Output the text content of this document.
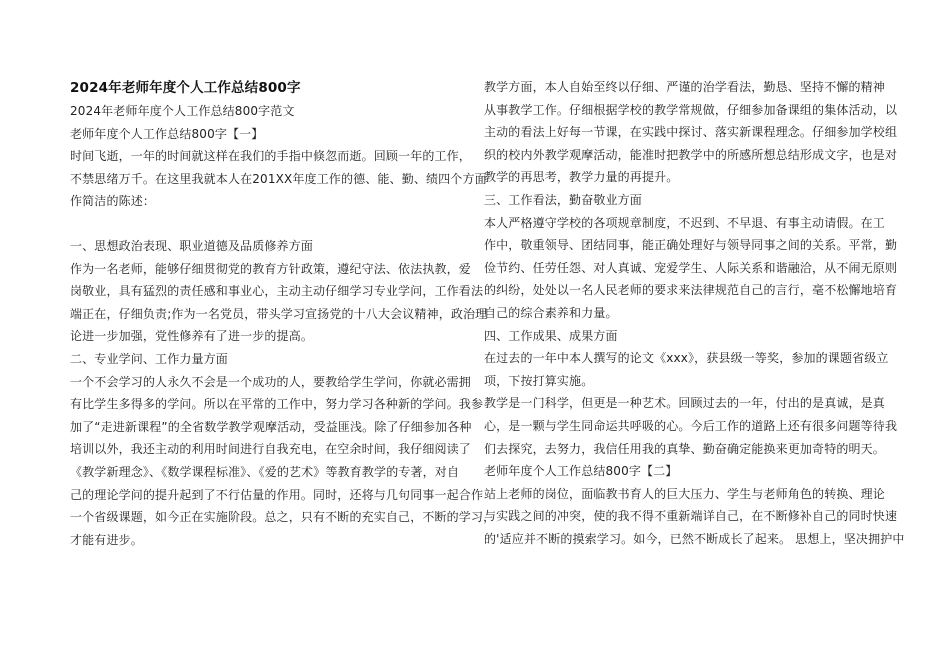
2024年老师年度个人工作总结800字

2024年老师年度个人工作总结800字范文

老师年度个人工作总结800字【一】

时间飞逝，一年的时间就这样在我们的手指中倏忽而逝。回顾一年的工作，

不禁思绪万千。在这里我就本人在201XX年度工作的德、能、勤、绩四个方面

作简洁的陈述：

一、思想政治表现、职业道德及品质修养方面

作为一名老师，能够仔细贯彻党的教育方针政策，遵纪守法、依法执教，爱

岗敬业，具有猛烈的责任感和事业心，主动主动仔细学习专业学问，工作看法

端正在，仔细负责;作为一名党员，带头学习宣扬党的十八大会议精神，政治理

论进一步加强，党性修养有了进一步的提高。

二、专业学问、工作力量方面

一个不会学习的人永久不会是一个成功的人，要教给学生学问，你就必需拥

有比学生多得多的学问。所以在平常的工作中，努力学习各种新的学问。我参

加了“走进新课程”的全省数学教学观摩活动，受益匪浅。除了仔细参加各种

培训以外，我还主动的利用时间进行自我充电，在空余时间，我仔细阅读了

《教学新理念》、《数学课程标准》、《爱的艺术》等教育教学的专著，对自

己的理论学问的提升起到了不行估量的作用。同时，还将与几句同事一起合作

一个省级课题，如今正在实施阶段。总之，只有不断的充实自己，不断的学习，

才能有进步。

教学方面，本人自始至终以仔细、严谨的治学看法，勤恳、坚持不懈的精神

从事教学工作。仔细根据学校的教学常规做，仔细参加备课组的集体活动，以

主动的看法上好每一节课，在实践中探讨、落实新课程理念。仔细参加学校组

织的校内外教学观摩活动，能准时把教学中的所感所想总结形成文字，也是对

教学的再思考，教学力量的再提升。

三、工作看法，勤奋敬业方面

本人严格遵守学校的各项规章制度，不迟到、不早退、有事主动请假。在工

作中，敬重领导、团结同事，能正确处理好与领导同事之间的关系。平常，勤

俭节约、任劳任怨、对人真诚、宠爱学生、人际关系和谐融洽，从不闹无原则

的纠纷，处处以一名人民老师的要求来法律规范自己的言行，毫不松懈地培育

自己的综合素养和力量。

四、工作成果、成果方面

在过去的一年中本人撰写的论文《xxx》，获县级一等奖，参加的课题省级立

项，下按打算实施。

教学是一门科学，但更是一种艺术。回顾过去的一年，付出的是真诚，是真

心，是一颗与学生同命运共呼吸的心。今后工作的道路上还有很多问题等待我

们去探究，去努力，我信任用我的真挚、勤奋确定能换来更加奇特的明天。

老师年度个人工作总结800字【二】

站上老师的岗位，面临教书育人的巨大压力、学生与老师角色的转换、理论

与实践之间的冲突，使的我不得不重新端详自己，在不断修补自己的同时快速

的'适应并不断的摸索学习。如今，已然不断成长了起来。 思想上，坚决拥护中
